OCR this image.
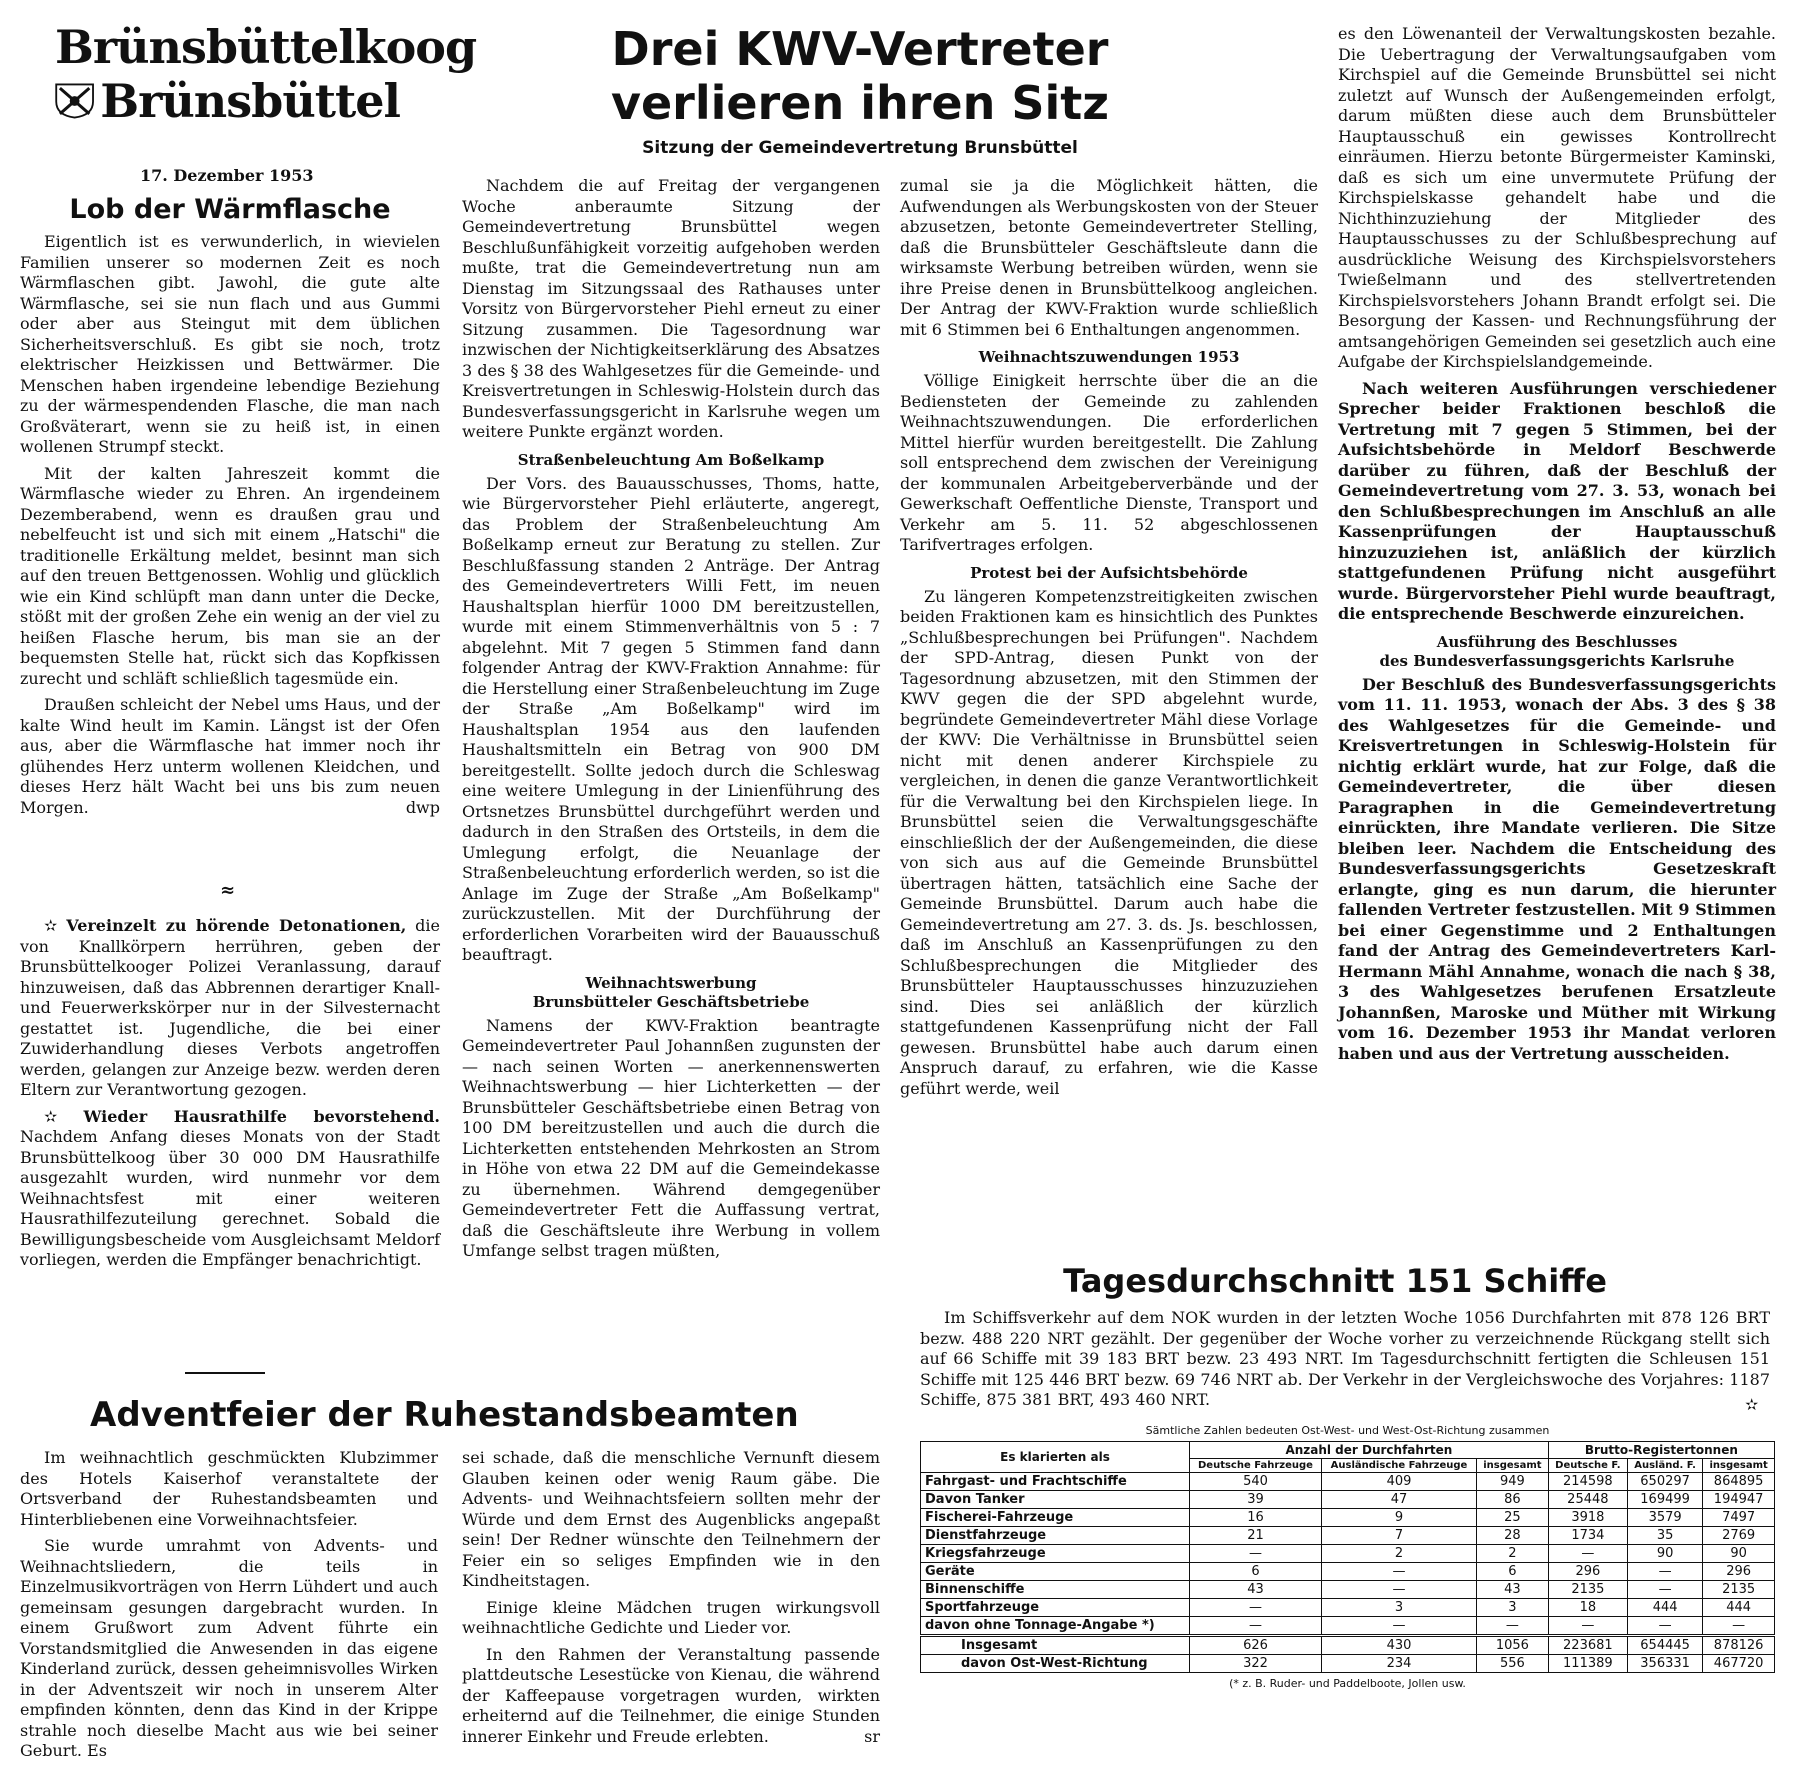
Brünsbüttelkoog
Brünsbüttel
17. Dezember 1953
Lob der Wärmflasche

Eigentlich ist es verwunderlich, in wievielen Familien unserer so modernen Zeit es noch Wärmflaschen gibt. Jawohl, die gute alte Wärmflasche, sei sie nun flach und aus Gummi oder aber aus Steingut mit dem üblichen Sicherheitsverschluß. Es gibt sie noch, trotz elektrischer Heizkissen und Bettwärmer. Die Menschen haben irgendeine lebendige Beziehung zu der wärmespendenden Flasche, die man nach Großväterart, wenn sie zu heiß ist, in einen wollenen Strumpf steckt.

Mit der kalten Jahreszeit kommt die Wärmflasche wieder zu Ehren. An irgendeinem Dezemberabend, wenn es draußen grau und nebelfeucht ist und sich mit einem „Hatschi" die traditionelle Erkältung meldet, besinnt man sich auf den treuen Bettgenossen. Wohlig und glücklich wie ein Kind schlüpft man dann unter die Decke, stößt mit der großen Zehe ein wenig an der viel zu heißen Flasche herum, bis man sie an der bequemsten Stelle hat, rückt sich das Kopfkissen zurecht und schläft schließlich tagesmüde ein.

Draußen schleicht der Nebel ums Haus, und der kalte Wind heult im Kamin. Längst ist der Ofen aus, aber die Wärmflasche hat immer noch ihr glühendes Herz unterm wollenen Kleidchen, und dieses Herz hält Wacht bei uns bis zum neuen Morgen.	dwp

≈

✫ Vereinzelt zu hörende Detonationen, die von Knallkörpern herrühren, geben der Brunsbüttelkooger Polizei Veranlassung, darauf hinzuweisen, daß das Abbrennen derartiger Knall- und Feuerwerkskörper nur in der Silvesternacht gestattet ist. Jugendliche, die bei einer Zuwiderhandlung dieses Verbots angetroffen werden, gelangen zur Anzeige bezw. werden deren Eltern zur Verantwortung gezogen.

✫ Wieder Hausrathilfe bevorstehend. Nachdem Anfang dieses Monats von der Stadt Brunsbüttelkoog über 30 000 DM Hausrathilfe ausgezahlt wurden, wird nunmehr vor dem Weihnachtsfest mit einer weiteren Hausrathilfezuteilung gerechnet. Sobald die Bewilligungsbescheide vom Ausgleichsamt Meldorf vorliegen, werden die Empfänger benachrichtigt.

Drei KWV-Vertreter
verlieren ihren Sitz
Sitzung der Gemeindevertretung Brunsbüttel

Nachdem die auf Freitag der vergangenen Woche anberaumte Sitzung der Gemeindevertretung Brunsbüttel wegen Beschlußunfähigkeit vorzeitig aufgehoben werden mußte, trat die Gemeindevertretung nun am Dienstag im Sitzungssaal des Rathauses unter Vorsitz von Bürgervorsteher Piehl erneut zu einer Sitzung zusammen. Die Tagesordnung war inzwischen der Nichtigkeitserklärung des Absatzes 3 des § 38 des Wahlgesetzes für die Gemeinde- und Kreisvertretungen in Schleswig-Holstein durch das Bundesverfassungsgericht in Karlsruhe wegen um weitere Punkte ergänzt worden.

Straßenbeleuchtung Am Boßelkamp

Der Vors. des Bauausschusses, Thoms, hatte, wie Bürgervorsteher Piehl erläuterte, angeregt, das Problem der Straßenbeleuchtung Am Boßelkamp erneut zur Beratung zu stellen. Zur Beschlußfassung standen 2 Anträge. Der Antrag des Gemeindevertreters Willi Fett, im neuen Haushaltsplan hierfür 1000 DM bereitzustellen, wurde mit einem Stimmenverhältnis von 5 : 7 abgelehnt. Mit 7 gegen 5 Stimmen fand dann folgender Antrag der KWV-Fraktion Annahme: für die Herstellung einer Straßenbeleuchtung im Zuge der Straße „Am Boßelkamp" wird im Haushaltsplan 1954 aus den laufenden Haushaltsmitteln ein Betrag von 900 DM bereitgestellt. Sollte jedoch durch die Schleswag eine weitere Umlegung in der Linienführung des Ortsnetzes Brunsbüttel durchgeführt werden und dadurch in den Straßen des Ortsteils, in dem die Umlegung erfolgt, die Neuanlage der Straßenbeleuchtung erforderlich werden, so ist die Anlage im Zuge der Straße „Am Boßelkamp" zurückzustellen. Mit der Durchführung der erforderlichen Vorarbeiten wird der Bauausschuß beauftragt.

Weihnachtswerbung
Brunsbütteler Geschäftsbetriebe

Namens der KWV-Fraktion beantragte Gemeindevertreter Paul Johannßen zugunsten der — nach seinen Worten — anerkennenswerten Weihnachtswerbung — hier Lichterketten — der Brunsbütteler Geschäftsbetriebe einen Betrag von 100 DM bereitzustellen und auch die durch die Lichterketten entstehenden Mehrkosten an Strom in Höhe von etwa 22 DM auf die Gemeindekasse zu übernehmen. Während demgegenüber Gemeindevertreter Fett die Auffassung vertrat, daß die Geschäftsleute ihre Werbung in vollem Umfange selbst tragen müßten,

zumal sie ja die Möglichkeit hätten, die Aufwendungen als Werbungskosten von der Steuer abzusetzen, betonte Gemeindevertreter Stelling, daß die Brunsbütteler Geschäftsleute dann die wirksamste Werbung betreiben würden, wenn sie ihre Preise denen in Brunsbüttelkoog angleichen. Der Antrag der KWV-Fraktion wurde schließlich mit 6 Stimmen bei 6 Enthaltungen angenommen.

Weihnachtszuwendungen 1953

Völlige Einigkeit herrschte über die an die Bediensteten der Gemeinde zu zahlenden Weihnachtszuwendungen. Die erforderlichen Mittel hierfür wurden bereitgestellt. Die Zahlung soll entsprechend dem zwischen der Vereinigung der kommunalen Arbeitgeberverbände und der Gewerkschaft Oeffentliche Dienste, Transport und Verkehr am 5. 11. 52 abgeschlossenen Tarifvertrages erfolgen.

Protest bei der Aufsichtsbehörde

Zu längeren Kompetenzstreitigkeiten zwischen beiden Fraktionen kam es hinsichtlich des Punktes „Schlußbesprechungen bei Prüfungen". Nachdem der SPD-Antrag, diesen Punkt von der Tagesordnung abzusetzen, mit den Stimmen der KWV gegen die der SPD abgelehnt wurde, begründete Gemeindevertreter Mähl diese Vorlage der KWV: Die Verhältnisse in Brunsbüttel seien nicht mit denen anderer Kirchspiele zu vergleichen, in denen die ganze Verantwortlichkeit für die Verwaltung bei den Kirchspielen liege. In Brunsbüttel seien die Verwaltungsgeschäfte einschließlich der der Außengemeinden, die diese von sich aus auf die Gemeinde Brunsbüttel übertragen hätten, tatsächlich eine Sache der Gemeinde Brunsbüttel. Darum auch habe die Gemeindevertretung am 27. 3. ds. Js. beschlossen, daß im Anschluß an Kassenprüfungen zu den Schlußbesprechungen die Mitglieder des Brunsbütteler Hauptausschusses hinzuzuziehen sind. Dies sei anläßlich der kürzlich stattgefundenen Kassenprüfung nicht der Fall gewesen. Brunsbüttel habe auch darum einen Anspruch darauf, zu erfahren, wie die Kasse geführt werde, weil

es den Löwenanteil der Verwaltungskosten bezahle. Die Uebertragung der Verwaltungsaufgaben vom Kirchspiel auf die Gemeinde Brunsbüttel sei nicht zuletzt auf Wunsch der Außengemeinden erfolgt, darum müßten diese auch dem Brunsbütteler Hauptausschuß ein gewisses Kontrollrecht einräumen. Hierzu betonte Bürgermeister Kaminski, daß es sich um eine unvermutete Prüfung der Kirchspielskasse gehandelt habe und die Nichthinzuziehung der Mitglieder des Hauptausschusses zu der Schlußbesprechung auf ausdrückliche Weisung des Kirchspielsvorstehers Twießelmann und des stellvertretenden Kirchspielsvorstehers Johann Brandt erfolgt sei. Die Besorgung der Kassen- und Rechnungsführung der amtsangehörigen Gemeinden sei gesetzlich auch eine Aufgabe der Kirchspielslandgemeinde.

Nach weiteren Ausführungen verschiedener Sprecher beider Fraktionen beschloß die Vertretung mit 7 gegen 5 Stimmen, bei der Aufsichtsbehörde in Meldorf Beschwerde darüber zu führen, daß der Beschluß der Gemeindevertretung vom 27. 3. 53, wonach bei den Schlußbesprechungen im Anschluß an alle Kassenprüfungen der Hauptausschuß hinzuzuziehen ist, anläßlich der kürzlich stattgefundenen Prüfung nicht ausgeführt wurde. Bürgervorsteher Piehl wurde beauftragt, die entsprechende Beschwerde einzureichen.

Ausführung des Beschlusses
des Bundesverfassungsgerichts Karlsruhe

Der Beschluß des Bundesverfassungsgerichts vom 11. 11. 1953, wonach der Abs. 3 des § 38 des Wahlgesetzes für die Gemeinde- und Kreisvertretungen in Schleswig-Holstein für nichtig erklärt wurde, hat zur Folge, daß die Gemeindevertreter, die über diesen Paragraphen in die Gemeindevertretung einrückten, ihre Mandate verlieren. Die Sitze bleiben leer. Nachdem die Entscheidung des Bundesverfassungsgerichts Gesetzeskraft erlangte, ging es nun darum, die hierunter fallenden Vertreter festzustellen. Mit 9 Stimmen bei einer Gegenstimme und 2 Enthaltungen fand der Antrag des Gemeindevertreters Karl-Hermann Mähl Annahme, wonach die nach § 38, 3 des Wahlgesetzes berufenen Ersatzleute Johannßen, Maroske und Müther mit Wirkung vom 16. Dezember 1953 ihr Mandat verloren haben und aus der Vertretung ausscheiden.

Adventfeier der Ruhestandsbeamten

Im weihnachtlich geschmückten Klubzimmer des Hotels Kaiserhof veranstaltete der Ortsverband der Ruhestandsbeamten und Hinterbliebenen eine Vorweihnachtsfeier.

Sie wurde umrahmt von Advents- und Weihnachtsliedern, die teils in Einzelmusikvorträgen von Herrn Lühdert und auch gemeinsam gesungen dargebracht wurden. In einem Grußwort zum Advent führte ein Vorstandsmitglied die Anwesenden in das eigene Kinderland zurück, dessen geheimnisvolles Wirken in der Adventszeit wir noch in unserem Alter empfinden könnten, denn das Kind in der Krippe strahle noch dieselbe Macht aus wie bei seiner Geburt. Es

sei schade, daß die menschliche Vernunft diesem Glauben keinen oder wenig Raum gäbe. Die Advents- und Weihnachtsfeiern sollten mehr der Würde und dem Ernst des Augenblicks angepaßt sein! Der Redner wünschte den Teilnehmern der Feier ein so seliges Empfinden wie in den Kindheitstagen.

Einige kleine Mädchen trugen wirkungsvoll weihnachtliche Gedichte und Lieder vor.

In den Rahmen der Veranstaltung passende plattdeutsche Lesestücke von Kienau, die während der Kaffeepause vorgetragen wurden, wirkten erheiternd auf die Teilnehmer, die einige Stunden innerer Einkehr und Freude erlebten.	sr

Tagesdurchschnitt 151 Schiffe

Im Schiffsverkehr auf dem NOK wurden in der letzten Woche 1056 Durchfahrten mit 878 126 BRT bezw. 488 220 NRT gezählt. Der gegenüber der Woche vorher zu verzeichnende Rückgang stellt sich auf 66 Schiffe mit 39 183 BRT bezw. 23 493 NRT. Im Tagesdurchschnitt fertigten die Schleusen 151 Schiffe mit 125 446 BRT bezw. 69 746 NRT ab. Der Verkehr in der Vergleichswoche des Vorjahres: 1187 Schiffe, 875 381 BRT, 493 460 NRT.	✫
Sämtliche Zahlen bedeuten Ost-West- und West-Ost-Richtung zusammen
Es klarierten als	Anzahl der Durchfahrten			Brutto-Registertonnen		
	Deutsche Fahrzeuge	Ausländische Fahrzeuge	insgesamt	Deutsche F.	Ausländ. F.	insgesamt
Fahrgast- und Frachtschiffe	540	409	949	214598	650297	864895
Davon Tanker	39	47	86	25448	169499	194947
Fischerei-Fahrzeuge	16	9	25	3918	3579	7497
Dienstfahrzeuge	21	7	28	1734	35	2769
Kriegsfahrzeuge	—	2	2	—	90	90
Geräte	6	—	6	296	—	296
Binnenschiffe	43	—	43	2135	—	2135
Sportfahrzeuge	—	3	3	18	444	444
davon ohne Tonnage-Angabe *)	—	—	—	—	—	—
Insgesamt	626	430	1056	223681	654445	878126
davon Ost-West-Richtung	322	234	556	111389	356331	467720
(* z. B. Ruder- und Paddelboote, Jollen usw.
